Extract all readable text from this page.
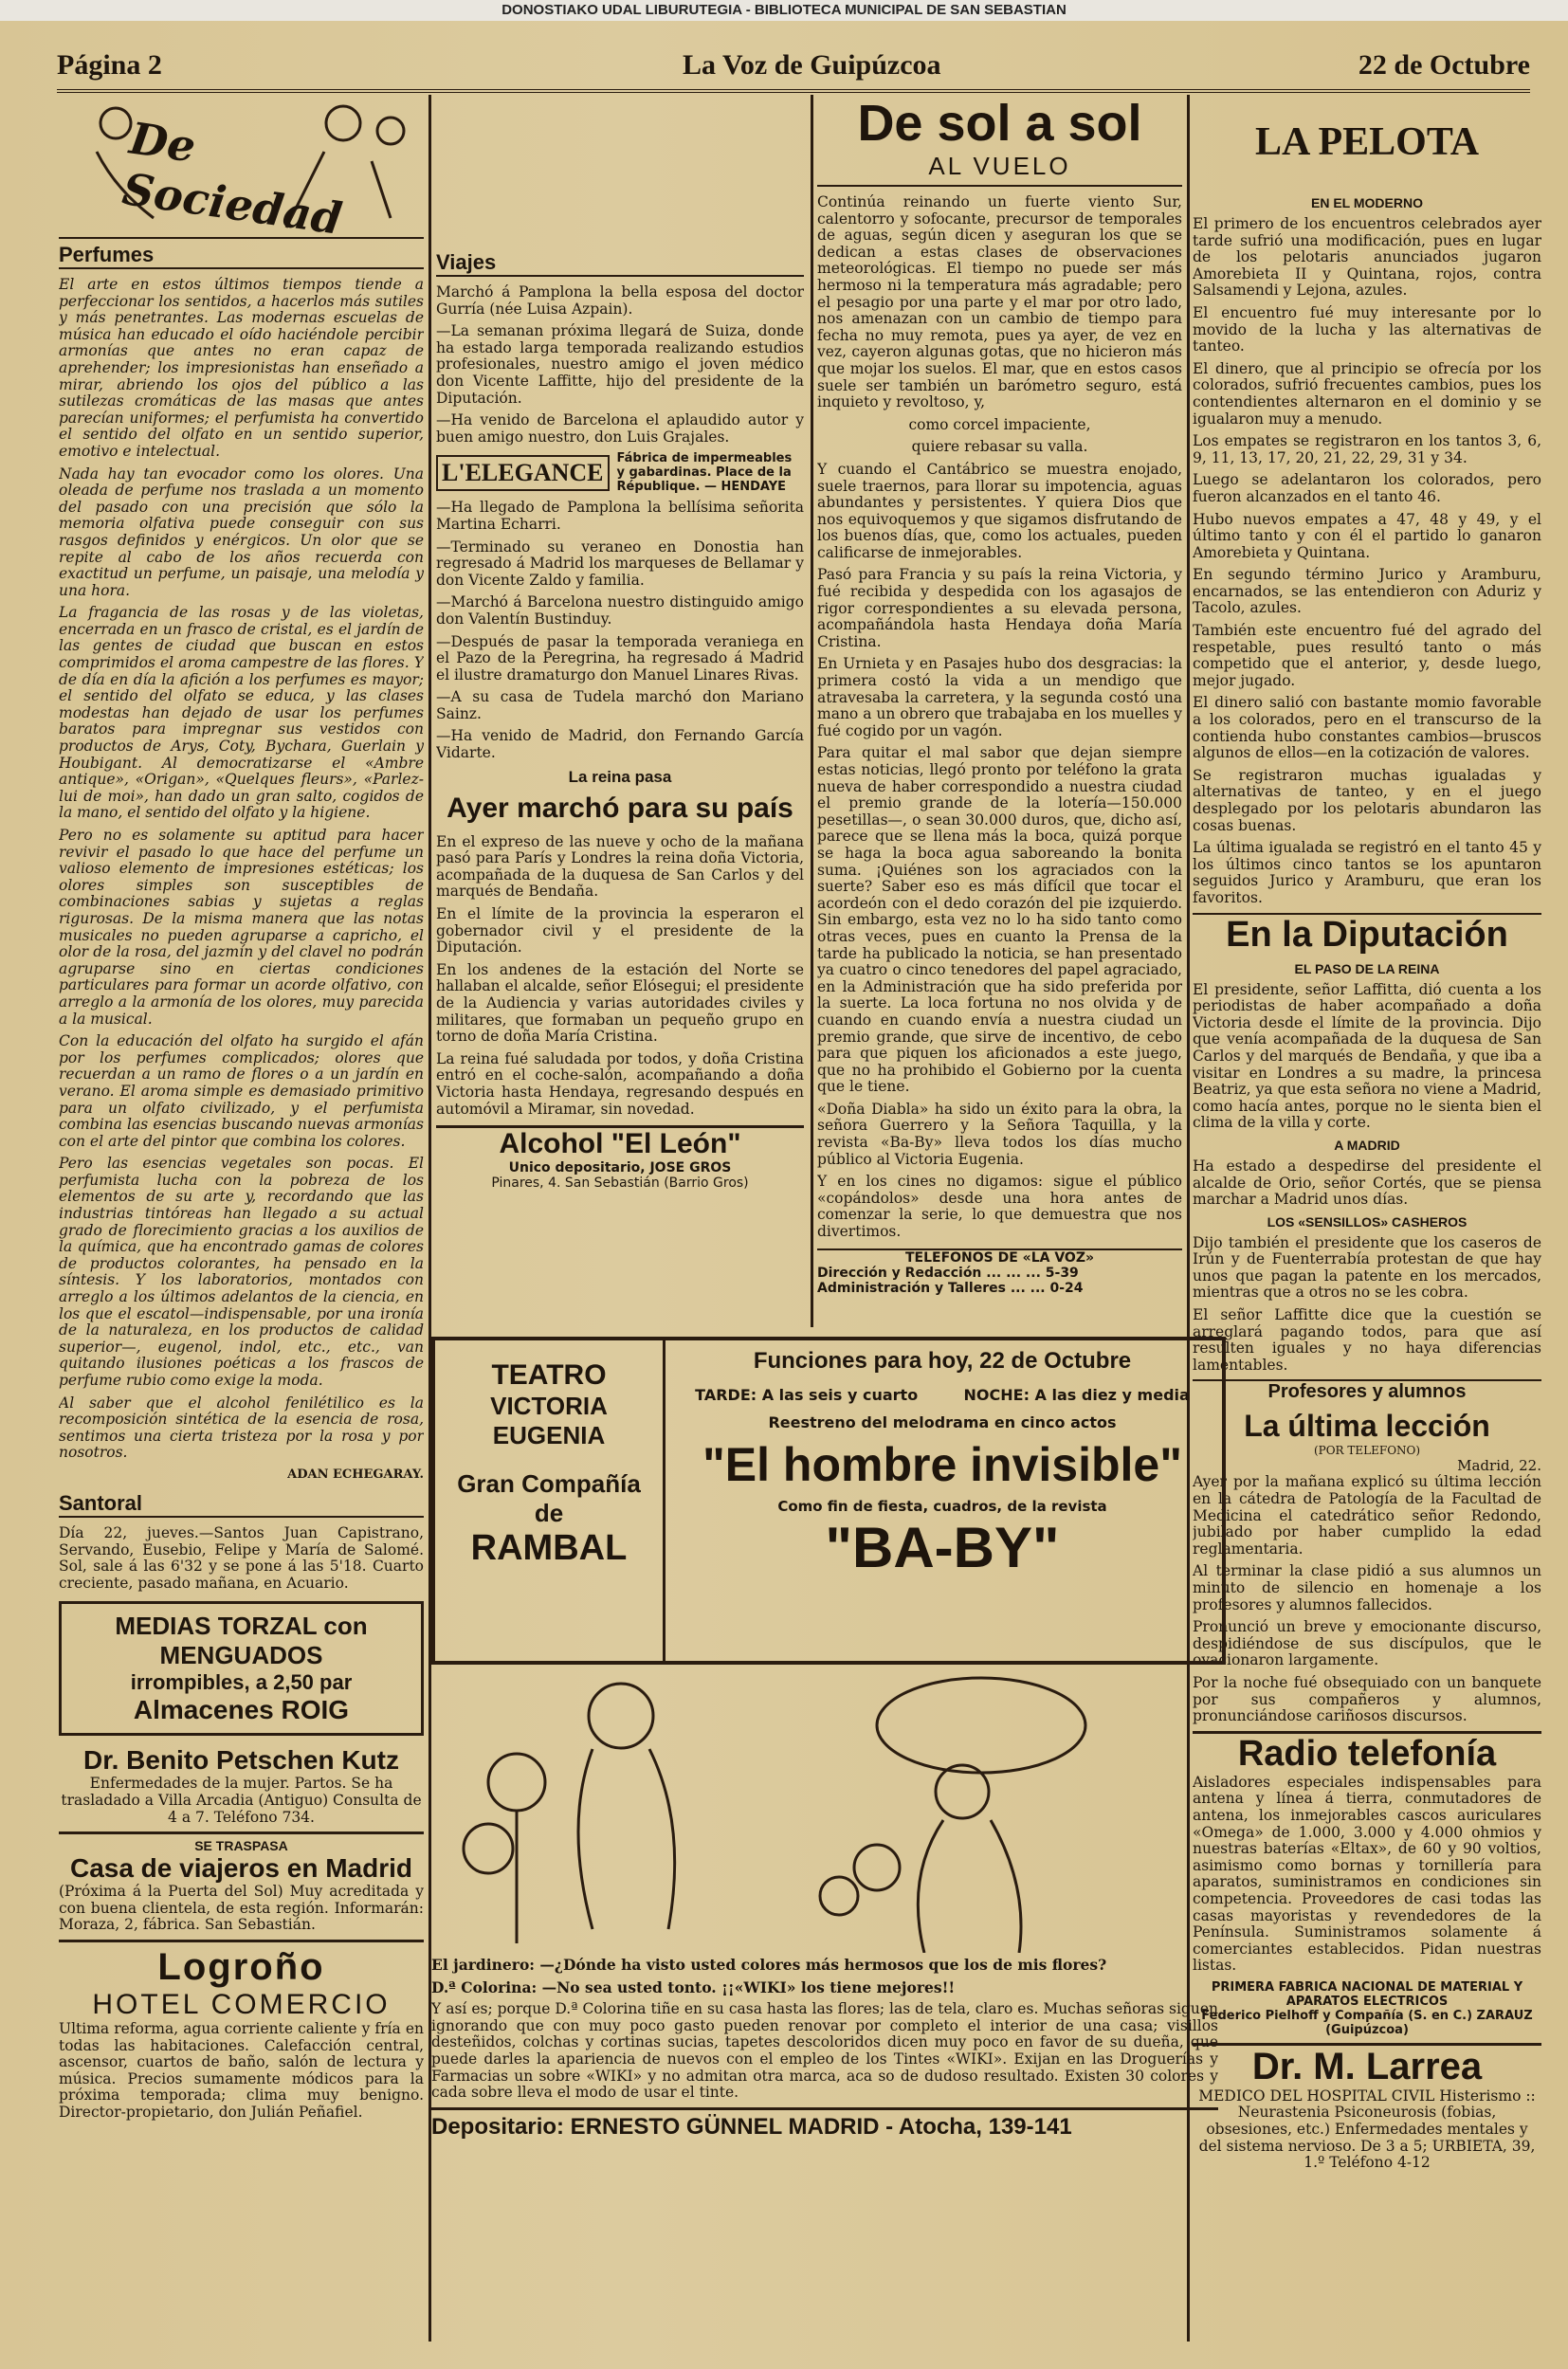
DONOSTIAKO UDAL LIBURUTEGIA - BIBLIOTECA MUNICIPAL DE SAN SEBASTIAN
Página 2	La Voz de Guipúzcoa	22 de Octubre
De Sociedad
Perfumes

El arte en estos últimos tiempos tiende a perfeccionar los sentidos, a hacerlos más sutiles y más penetrantes. Las modernas escuelas de música han educado el oído haciéndole percibir armonías que antes no eran capaz de aprehender; los impresionistas han enseñado a mirar, abriendo los ojos del público a las sutilezas cromáticas de las masas que antes parecían uniformes; el perfumista ha convertido el sentido del olfato en un sentido superior, emotivo e intelectual.

Nada hay tan evocador como los olores. Una oleada de perfume nos traslada a un momento del pasado con una precisión que sólo la memoria olfativa puede conseguir con sus rasgos definidos y enérgicos. Un olor que se repite al cabo de los años recuerda con exactitud un perfume, un paisaje, una melodía y una hora.

La fragancia de las rosas y de las violetas, encerrada en un frasco de cristal, es el jardín de las gentes de ciudad que buscan en estos comprimidos el aroma campestre de las flores. Y de día en día la afición a los perfumes es mayor; el sentido del olfato se educa, y las clases modestas han dejado de usar los perfumes baratos para impregnar sus vestidos con productos de Arys, Coty, Bychara, Guerlain y Houbigant. Al democratizarse el «Ambre antique», «Origan», «Quelques fleurs», «Parlez-lui de moi», han dado un gran salto, cogidos de la mano, el sentido del olfato y la higiene.

Pero no es solamente su aptitud para hacer revivir el pasado lo que hace del perfume un valioso elemento de impresiones estéticas; los olores simples son susceptibles de combinaciones sabias y sujetas a reglas rigurosas. De la misma manera que las notas musicales no pueden agruparse a capricho, el olor de la rosa, del jazmín y del clavel no podrán agruparse sino en ciertas condiciones particulares para formar un acorde olfativo, con arreglo a la armonía de los olores, muy parecida a la musical.

Con la educación del olfato ha surgido el afán por los perfumes complicados; olores que recuerdan a un ramo de flores o a un jardín en verano. El aroma simple es demasiado primitivo para un olfato civilizado, y el perfumista combina las esencias buscando nuevas armonías con el arte del pintor que combina los colores.

Pero las esencias vegetales son pocas. El perfumista lucha con la pobreza de los elementos de su arte y, recordando que las industrias tintóreas han llegado a su actual grado de florecimiento gracias a los auxilios de la química, que ha encontrado gamas de colores de productos colorantes, ha pensado en la síntesis. Y los laboratorios, montados con arreglo a los últimos adelantos de la ciencia, en los que el escatol—indispensable, por una ironía de la naturaleza, en los productos de calidad superior—, eugenol, indol, etc., etc., van quitando ilusiones poéticas a los frascos de perfume rubio como exige la moda.

Al saber que el alcohol fenilétilico es la recomposición sintética de la esencia de rosa, sentimos una cierta tristeza por la rosa y por nosotros.

ADAN ECHEGARAY.
Santoral

Día 22, jueves.—Santos Juan Capistrano, Servando, Eusebio, Felipe y María de Salomé. Sol, sale á las 6'32 y se pone á las 5'18. Cuarto creciente, pasado mañana, en Acuario.

MEDIAS TORZAL con MENGUADOS
irrompibles, a 2,50 par
Almacenes ROIG
Dr. Benito Petschen Kutz

Enfermedades de la mujer. Partos. Se ha trasladado a Villa Arcadia (Antiguo) Consulta de 4 a 7. Teléfono 734.

SE TRASPASA
Casa de viajeros en Madrid

(Próxima á la Puerta del Sol) Muy acreditada y con buena clientela, de esta región. Informarán: Moraza, 2, fábrica. San Sebastián.

Logroño
HOTEL COMERCIO

Ultima reforma, agua corriente caliente y fría en todas las habitaciones. Calefacción central, ascensor, cuartos de baño, salón de lectura y música. Precios sumamente módicos para la próxima temporada; clima muy benigno. Director-propietario, don Julián Peñafiel.

Viajes

Marchó á Pamplona la bella esposa del doctor Gurría (née Luisa Azpain).

—La semanan próxima llegará de Suiza, donde ha estado larga temporada realizando estudios profesionales, nuestro amigo el joven médico don Vicente Laffitte, hijo del presidente de la Diputación.

—Ha venido de Barcelona el aplaudido autor y buen amigo nuestro, don Luis Grajales.

L'ELEGANCE	Fábrica de impermeables y gabardinas. Place de la République. — HENDAYE

—Ha llegado de Pamplona la bellísima señorita Martina Echarri.

—Terminado su veraneo en Donostia han regresado á Madrid los marqueses de Bellamar y don Vicente Zaldo y familia.

—Marchó á Barcelona nuestro distinguido amigo don Valentín Bustinduy.

—Después de pasar la temporada veraniega en el Pazo de la Peregrina, ha regresado á Madrid el ilustre dramaturgo don Manuel Linares Rivas.

—A su casa de Tudela marchó don Mariano Sainz.

—Ha venido de Madrid, don Fernando García Vidarte.

La reina pasa
Ayer marchó para su país

En el expreso de las nueve y ocho de la mañana pasó para París y Londres la reina doña Victoria, acompañada de la duquesa de San Carlos y del marqués de Bendaña.

En el límite de la provincia la esperaron el gobernador civil y el presidente de la Diputación.

En los andenes de la estación del Norte se hallaban el alcalde, señor Elósegui; el presidente de la Audiencia y varias autoridades civiles y militares, que formaban un pequeño grupo en torno de doña María Cristina.

La reina fué saludada por todos, y doña Cristina entró en el coche-salón, acompañando a doña Victoria hasta Hendaya, regresando después en automóvil a Miramar, sin novedad.

Alcohol "El León"
Unico depositario, JOSE GROS
Pinares, 4. San Sebastián (Barrio Gros)
De sol a sol
AL VUELO

Continúa reinando un fuerte viento Sur, calentorro y sofocante, precursor de temporales de aguas, según dicen y aseguran los que se dedican a estas clases de observaciones meteorológicas. El tiempo no puede ser más hermoso ni la temperatura más agradable; pero el pesagio por una parte y el mar por otro lado, nos amenazan con un cambio de tiempo para fecha no muy remota, pues ya ayer, de vez en vez, cayeron algunas gotas, que no hicieron más que mojar los suelos. El mar, que en estos casos suele ser también un barómetro seguro, está inquieto y revoltoso, y,

como corcel impaciente,
quiere rebasar su valla.

Y cuando el Cantábrico se muestra enojado, suele traernos, para llorar su impotencia, aguas abundantes y persistentes. Y quiera Dios que nos equivoquemos y que sigamos disfrutando de los buenos días, que, como los actuales, pueden calificarse de inmejorables.

Pasó para Francia y su país la reina Victoria, y fué recibida y despedida con los agasajos de rigor correspondientes a su elevada persona, acompañándola hasta Hendaya doña María Cristina.

En Urnieta y en Pasajes hubo dos desgracias: la primera costó la vida a un mendigo que atravesaba la carretera, y la segunda costó una mano a un obrero que trabajaba en los muelles y fué cogido por un vagón.

Para quitar el mal sabor que dejan siempre estas noticias, llegó pronto por teléfono la grata nueva de haber correspondido a nuestra ciudad el premio grande de la lotería—150.000 pesetillas—, o sean 30.000 duros, que, dicho así, parece que se llena más la boca, quizá porque se haga la boca agua saboreando la bonita suma. ¡Quiénes son los agraciados con la suerte? Saber eso es más difícil que tocar el acordeón con el dedo corazón del pie izquierdo. Sin embargo, esta vez no lo ha sido tanto como otras veces, pues en cuanto la Prensa de la tarde ha publicado la noticia, se han presentado ya cuatro o cinco tenedores del papel agraciado, en la Administración que ha sido preferida por la suerte. La loca fortuna no nos olvida y de cuando en cuando envía a nuestra ciudad un premio grande, que sirve de incentivo, de cebo para que piquen los aficionados a este juego, que no ha prohibido el Gobierno por la cuenta que le tiene.

«Doña Diabla» ha sido un éxito para la obra, la señora Guerrero y la Señora Taquilla, y la revista «Ba-By» lleva todos los días mucho público al Victoria Eugenia.

Y en los cines no digamos: sigue el público «copándolos» desde una hora antes de comenzar la serie, lo que demuestra que nos divertimos.

TELEFONOS DE «LA VOZ»
Dirección y Redacción ... ... ... 5-39
Administración y Talleres ... ... 0-24
LA PELOTA
EN EL MODERNO

El primero de los encuentros celebrados ayer tarde sufrió una modificación, pues en lugar de los pelotaris anunciados jugaron Amorebieta II y Quintana, rojos, contra Salsamendi y Lejona, azules.

El encuentro fué muy interesante por lo movido de la lucha y las alternativas de tanteo.

El dinero, que al principio se ofrecía por los colorados, sufrió frecuentes cambios, pues los contendientes alternaron en el dominio y se igualaron muy a menudo.

Los empates se registraron en los tantos 3, 6, 9, 11, 13, 17, 20, 21, 22, 29, 31 y 34.

Luego se adelantaron los colorados, pero fueron alcanzados en el tanto 46.

Hubo nuevos empates a 47, 48 y 49, y el último tanto y con él el partido lo ganaron Amorebieta y Quintana.

En segundo término Jurico y Aramburu, encarnados, se las entendieron con Aduriz y Tacolo, azules.

También este encuentro fué del agrado del respetable, pues resultó tanto o más competido que el anterior, y, desde luego, mejor jugado.

El dinero salió con bastante momio favorable a los colorados, pero en el transcurso de la contienda hubo constantes cambios—bruscos algunos de ellos—en la cotización de valores.

Se registraron muchas igualadas y alternativas de tanteo, y en el juego desplegado por los pelotaris abundaron las cosas buenas.

La última igualada se registró en el tanto 45 y los últimos cinco tantos se los apuntaron seguidos Jurico y Aramburu, que eran los favoritos.

En la Diputación
EL PASO DE LA REINA

El presidente, señor Laffitta, dió cuenta a los periodistas de haber acompañado a doña Victoria desde el límite de la provincia. Dijo que venía acompañada de la duquesa de San Carlos y del marqués de Bendaña, y que iba a visitar en Londres a su madre, la princesa Beatriz, ya que esta señora no viene a Madrid, como hacía antes, porque no le sienta bien el clima de la villa y corte.

A MADRID

Ha estado a despedirse del presidente el alcalde de Orio, señor Cortés, que se piensa marchar a Madrid unos días.

LOS «SENSILLOS» CASHEROS

Dijo también el presidente que los caseros de Irún y de Fuenterrabía protestan de que hay unos que pagan la patente en los mercados, mientras que a otros no se les cobra.

El señor Laffitte dice que la cuestión se arreglará pagando todos, para que así resulten iguales y no haya diferencias lamentables.

Profesores y alumnos
La última lección
(POR TELEFONO)
Madrid, 22.

Ayer por la mañana explicó su última lección en la cátedra de Patología de la Facultad de Medicina el catedrático señor Redondo, jubilado por haber cumplido la edad reglamentaria.

Al terminar la clase pidió a sus alumnos un minuto de silencio en homenaje a los profesores y alumnos fallecidos.

Pronunció un breve y emocionante discurso, despidiéndose de sus discípulos, que le ovacionaron largamente.

Por la noche fué obsequiado con un banquete por sus compañeros y alumnos, pronunciándose cariñosos discursos.

Radio telefonía

Aisladores especiales indispensables para antena y línea á tierra, conmutadores de antena, los inmejorables cascos auriculares «Omega» de 1.000, 3.000 y 4.000 ohmios y nuestras baterías «Eltax», de 60 y 90 voltios, asimismo como bornas y tornillería para aparatos, suministramos en condiciones sin competencia. Proveedores de casi todas las casas mayoristas y revendedores de la Península. Suministramos solamente á comerciantes establecidos. Pidan nuestras listas.

PRIMERA FABRICA NACIONAL DE MATERIAL Y APARATOS ELECTRICOS
Federico Pielhoff y Compañía (S. en C.) ZARAUZ (Guipúzcoa)
Dr. M. Larrea

MEDICO DEL HOSPITAL CIVIL Histerismo :: Neurastenia Psiconeurosis (fobias, obsesiones, etc.) Enfermedades mentales y del sistema nervioso. De 3 a 5; URBIETA, 39, 1.º Teléfono 4-12

TEATRO
VICTORIA EUGENIA
Gran Compañía
de
RAMBAL
Funciones para hoy, 22 de Octubre
TARDE: A las seis y cuarto	NOCHE: A las diez y media
Reestreno del melodrama en cinco actos
"El hombre invisible"
Como fin de fiesta, cuadros, de la revista
"BA-BY"
El jardinero: —¿Dónde ha visto usted colores más hermosos que los de mis flores?
D.ª Colorina: —No sea usted tonto. ¡¡«WIKI» los tiene mejores!!

Y así es; porque D.ª Colorina tiñe en su casa hasta las flores; las de tela, claro es. Muchas señoras siguen ignorando que con muy poco gasto pueden renovar por completo el interior de una casa; visillos desteñidos, colchas y cortinas sucias, tapetes descoloridos dicen muy poco en favor de su dueña, que puede darles la apariencia de nuevos con el empleo de los Tintes «WIKI». Exijan en las Droguerías y Farmacias un sobre «WIKI» y no admitan otra marca, aca so de dudoso resultado. Existen 30 colores y cada sobre lleva el modo de usar el tinte.

Depositario: ERNESTO GÜNNEL MADRID - Atocha, 139-141
